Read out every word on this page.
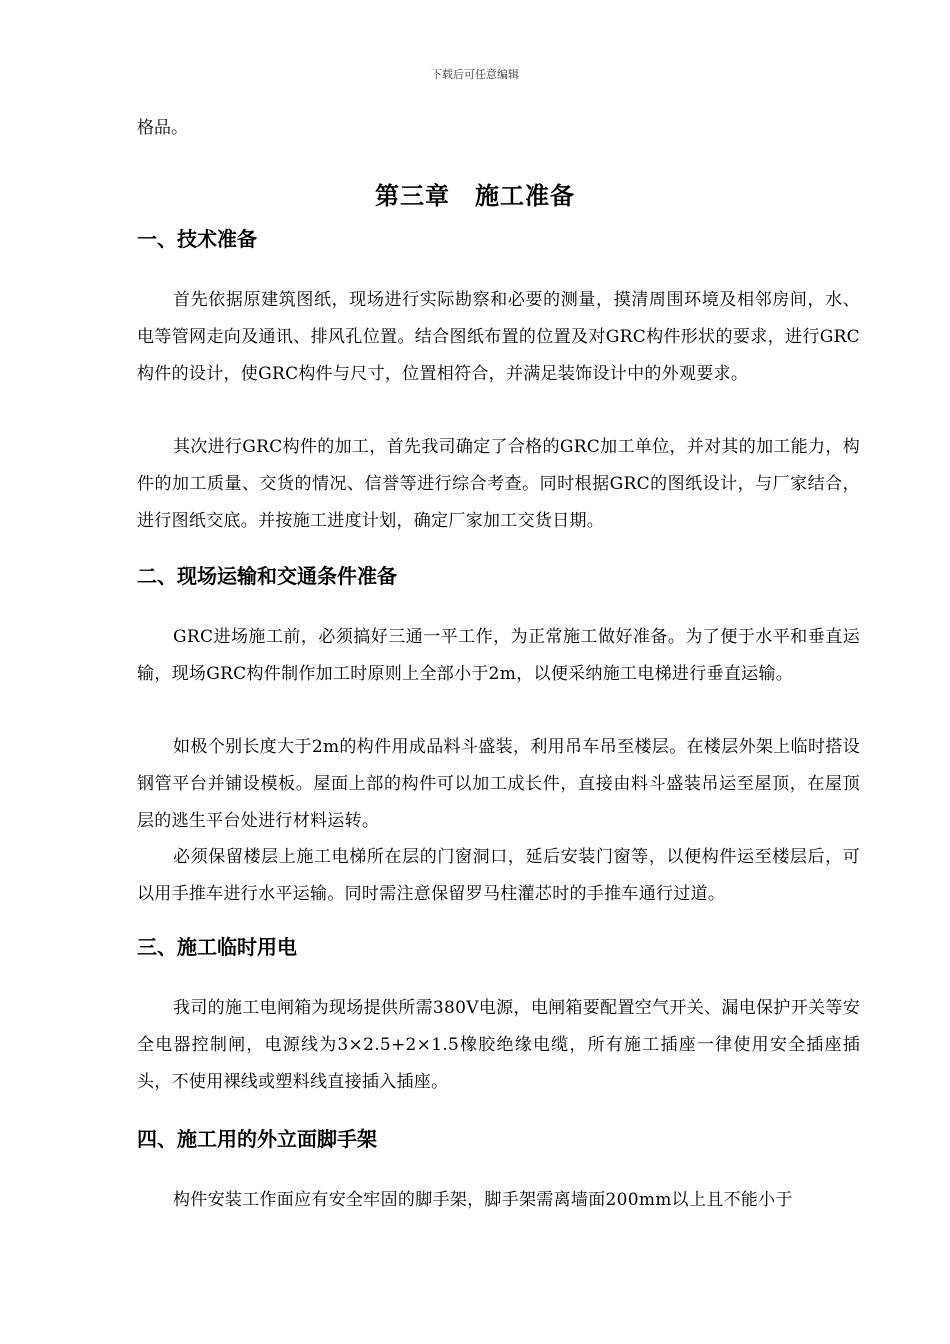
下载后可任意编辑
格品。
第三章　施工准备
一、技术准备
首先依据原建筑图纸，现场进行实际勘察和必要的测量，摸清周围环境及相邻房间，水、电等管网走向及通讯、排风孔位置。结合图纸布置的位置及对GRC构件形状的要求，进行GRC构件的设计，使GRC构件与尺寸，位置相符合，并满足装饰设计中的外观要求。
其次进行GRC构件的加工，首先我司确定了合格的GRC加工单位，并对其的加工能力，构件的加工质量、交货的情况、信誉等进行综合考查。同时根据GRC的图纸设计，与厂家结合，进行图纸交底。并按施工进度计划，确定厂家加工交货日期。
二、现场运输和交通条件准备
GRC进场施工前，必须搞好三通一平工作，为正常施工做好准备。为了便于水平和垂直运输，现场GRC构件制作加工时原则上全部小于2m，以便采纳施工电梯进行垂直运输。
如极个别长度大于2m的构件用成品料斗盛装，利用吊车吊至楼层。在楼层外架上临时搭设钢管平台并铺设模板。屋面上部的构件可以加工成长件，直接由料斗盛装吊运至屋顶，在屋顶层的逃生平台处进行材料运转。
必须保留楼层上施工电梯所在层的门窗洞口，延后安装门窗等，以便构件运至楼层后，可以用手推车进行水平运输。同时需注意保留罗马柱灌芯时的手推车通行过道。
三、施工临时用电
我司的施工电闸箱为现场提供所需380V电源，电闸箱要配置空气开关、漏电保护开关等安全电器控制闸，电源线为3×2.5+2×1.5橡胶绝缘电缆，所有施工插座一律使用安全插座插头，不使用裸线或塑料线直接插入插座。
四、施工用的外立面脚手架
构件安装工作面应有安全牢固的脚手架，脚手架需离墙面200mm以上且不能小于
